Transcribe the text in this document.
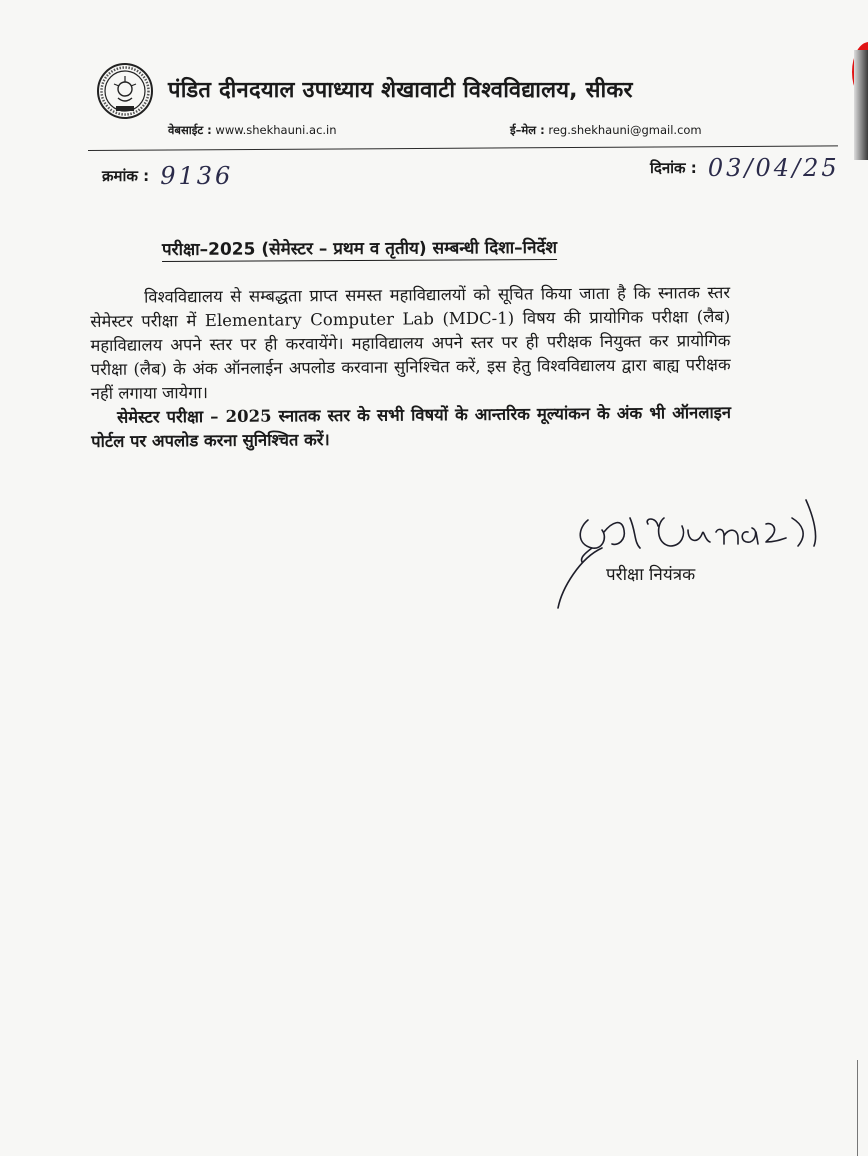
पंडित दीनदयाल उपाध्याय शेखावाटी विश्वविद्यालय, सीकर
वेबसाईट : www.shekhauni.ac.in	ई–मेल : reg.shekhauni@gmail.com
क्रमांक : 9136	दिनांक : 03/04/25
परीक्षा–2025 (सेमेस्टर – प्रथम व तृतीय) सम्बन्धी दिशा–निर्देश

विश्वविद्यालय से सम्बद्धता प्राप्त समस्त महाविद्यालयों को सूचित किया जाता है कि स्नातक स्तर सेमेस्टर परीक्षा में Elementary Computer Lab (MDC-1) विषय की प्रायोगिक परीक्षा (लैब) महाविद्यालय अपने स्तर पर ही करवायेंगे। महाविद्यालय अपने स्तर पर ही परीक्षक नियुक्त कर प्रायोगिक परीक्षा (लैब) के अंक ऑनलाईन अपलोड करवाना सुनिश्चित करें, इस हेतु विश्वविद्यालय द्वारा बाह्य परीक्षक नहीं लगाया जायेगा।

सेमेस्टर परीक्षा – 2025 स्नातक स्तर के सभी विषयों के आन्तरिक मूल्यांकन के अंक भी ऑनलाइन पोर्टल पर अपलोड करना सुनिश्चित करें।

परीक्षा नियंत्रक
